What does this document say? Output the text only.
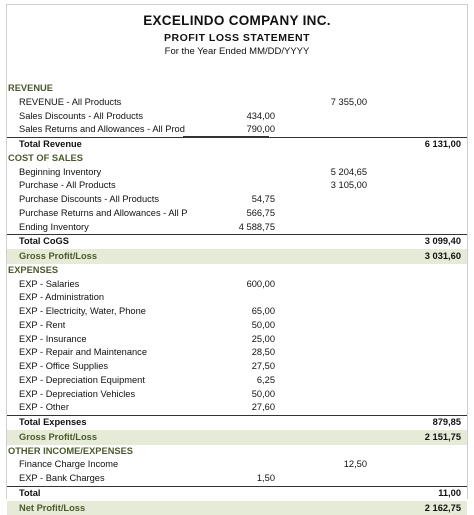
EXCELINDO COMPANY INC.
PROFIT LOSS STATEMENT
For the Year Ended MM/DD/YYYY
REVENUE
REVENUE - All Products	7 355,00
Sales Discounts - All Products	434,00
Sales Returns and Allowances - All Prod	790,00
Total Revenue	6 131,00
COST OF SALES
Beginning Inventory	5 204,65
Purchase - All Products	3 105,00
Purchase Discounts - All Products	54,75
Purchase Returns and Allowances - All P	566,75
Ending Inventory	4 588,75
Total CoGS	3 099,40
Gross Profit/Loss	3 031,60
EXPENSES
EXP - Salaries	600,00
EXP - Administration
EXP - Electricity, Water, Phone	65,00
EXP - Rent	50,00
EXP - Insurance	25,00
EXP - Repair and Maintenance	28,50
EXP - Office Supplies	27,50
EXP - Depreciation Equipment	6,25
EXP - Depreciation Vehicles	50,00
EXP - Other	27,60
Total Expenses	879,85
Gross Profit/Loss	2 151,75
OTHER INCOME/EXPENSES
Finance Charge Income	12,50
EXP - Bank Charges	1,50
Total	11,00
Net Profit/Loss	2 162,75
